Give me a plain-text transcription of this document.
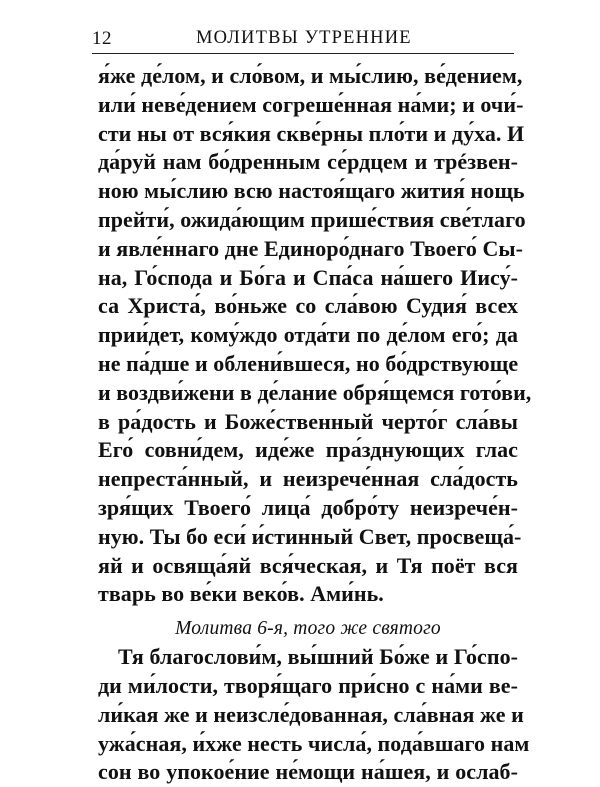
12	МОЛИТВЫ УТРЕННИЕ
я́же де́лом, и сло́вом, и мы́слию, ве́дением,
или́ неве́дением согреше́нная на́ми; и очи́-
сти ны от вся́кия скве́рны пло́ти и ду́ха. И
да́руй нам бо́дренным се́рдцем и трéзвен-
ною мы́слию всю настоя́щаго жития́ нощь
прейти́, ожида́ющим прише́ствия све́тлаго
и явле́ннаго дне Единоро́днаго Твоего́ Сы-
на, Го́спода и Бо́га и Спа́са на́шего Иису́-
са Христа́, во́ньже со сла́вою Судия́ всех
прии́дет, кому́ждо отда́ти по де́лом его́; да
не па́дше и облени́вшеся, но бо́дрствующе
и воздви́жени в де́лание обря́щемся гото́ви,
в ра́дость и Боже́ственный черто́г сла́вы
Его́ совни́дем, иде́же пра́зднующих глас
непреста́нный, и неизрече́нная сла́дость
зря́щих Твоего́ лица́ добро́ту неизрече́н-
ную. Ты бо еси́ и́стинный Свет, просвеща́-
яй и освяща́яй вся́ческая, и Тя поёт вся
тварь во ве́ки веко́в. Ами́нь.
Молитва 6-я, того же святого
Тя благослови́м, вы́шний Бо́же и Го́спо-
ди ми́лости, творя́щаго при́сно с на́ми ве-
ли́кая же и неизсле́дованная, сла́вная же и
ужа́сная, и́хже несть числа́, пода́вшаго нам
сон во упокое́ние не́мощи на́шея, и ослаб-
